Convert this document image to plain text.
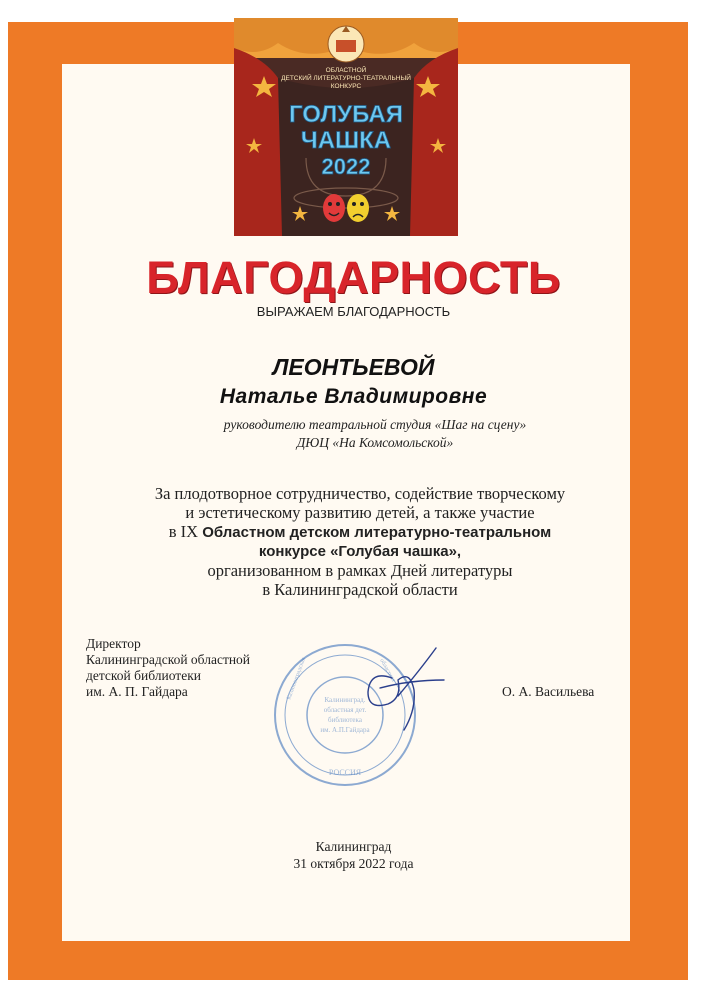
ОБЛАСТНОЙ
ДЕТСКИЙ ЛИТЕРАТУРНО-ТЕАТРАЛЬНЫЙ
КОНКУРС
ГОЛУБАЯ
ЧАШКА
2022
БЛАГОДАРНОСТЬ
ВЫРАЖАЕМ БЛАГОДАРНОСТЬ
ЛЕОНТЬЕВОЙ
Наталье Владимировне
руководителю театральной студия «Шаг на сцену»
ДЮЦ «На Комсомольской»
За плодотворное сотрудничество, содействие творческому
и эстетическому развитию детей, а также участие
в IX Областном детском литературно-театральном
конкурсе «Голубая чашка»,
организованном в рамках Дней литературы
в Калининградской области
Директор
Калининградской областной
детской библиотеки
им. А. П. Гайдара
Калининград.
областная дет.
библиотека
им. А.П.Гайдара
РОССИЯ
Калининградская	областная
О. А. Васильева
Калининград
31 октября 2022 года
